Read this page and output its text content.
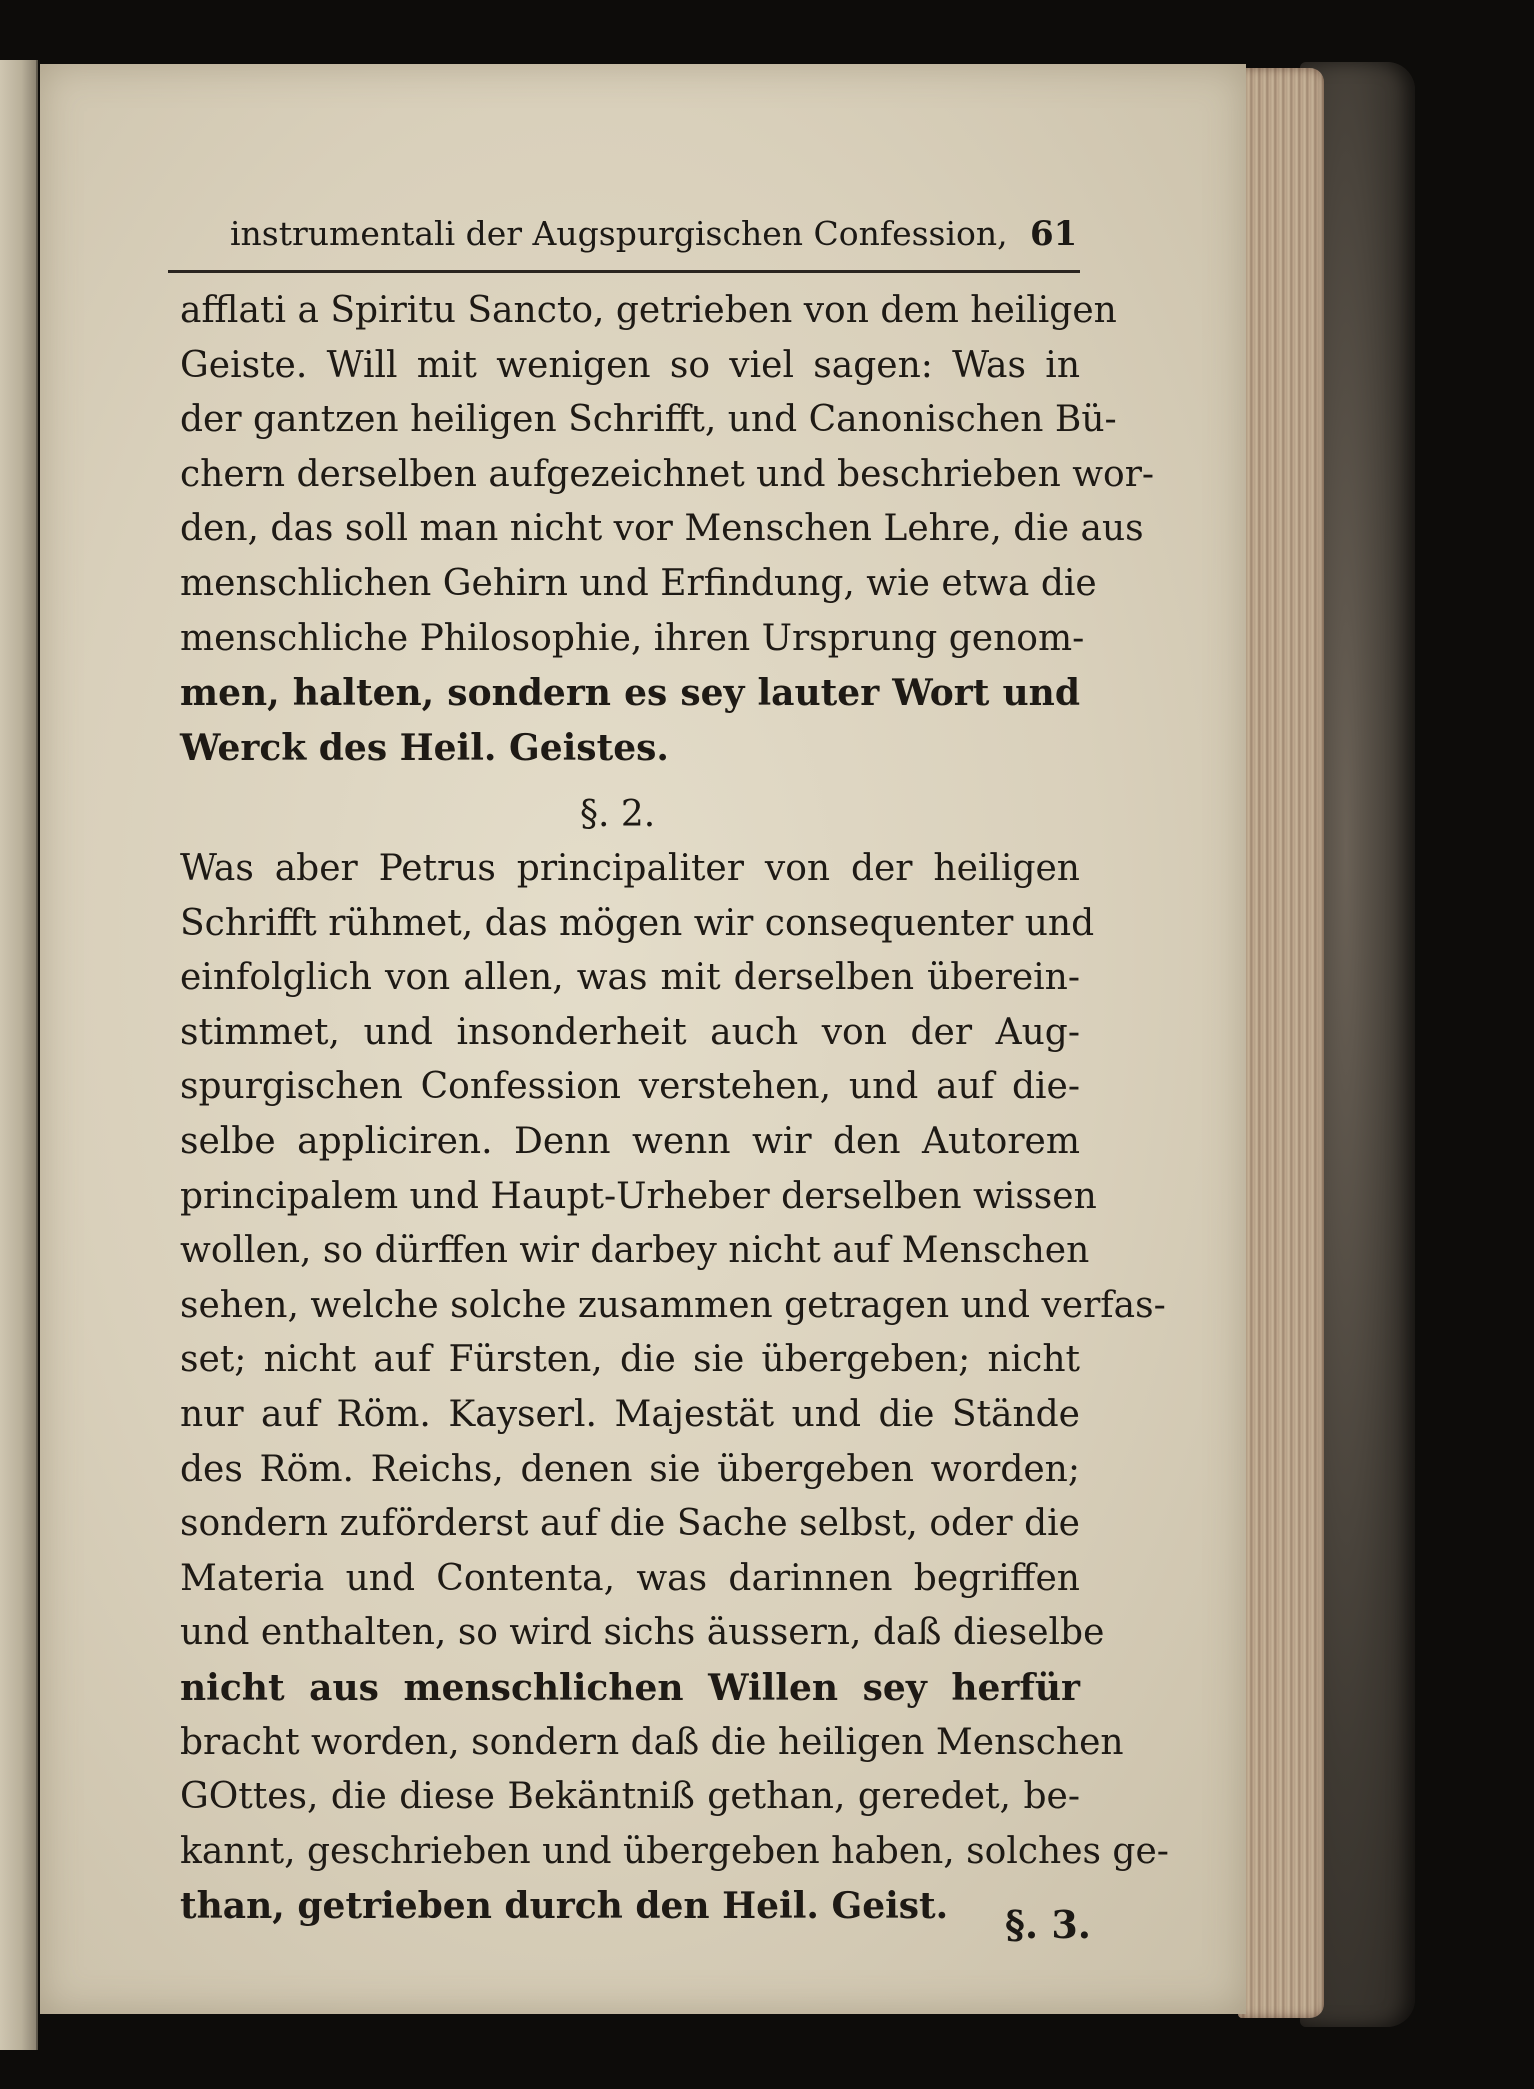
instrumentali der Augspurgischen Confession, 61
afflati a Spiritu Sancto, getrieben von dem heiligen
Geiste. Will mit wenigen so viel sagen: Was in
der gantzen heiligen Schrifft, und Canonischen Bü-
chern derselben aufgezeichnet und beschrieben wor-
den, das soll man nicht vor Menschen Lehre, die aus
menschlichen Gehirn und Erfindung, wie etwa die
menschliche Philosophie, ihren Ursprung genom-
men, halten, sondern es sey lauter Wort und
Werck des Heil. Geistes.
§. 2.
Was aber Petrus principaliter von der heiligen
Schrifft rühmet, das mögen wir consequenter und
einfolglich von allen, was mit derselben überein-
stimmet, und insonderheit auch von der Aug-
spurgischen Confession verstehen, und auf die-
selbe appliciren. Denn wenn wir den Autorem
principalem und Haupt-Urheber derselben wissen
wollen, so dürffen wir darbey nicht auf Menschen
sehen, welche solche zusammen getragen und verfas-
set; nicht auf Fürsten, die sie übergeben; nicht
nur auf Röm. Kayserl. Majestät und die Stände
des Röm. Reichs, denen sie übergeben worden;
sondern zuförderst auf die Sache selbst, oder die
Materia und Contenta, was darinnen begriffen
und enthalten, so wird sichs äussern, daß dieselbe
nicht aus menschlichen Willen sey herfür
bracht worden, sondern daß die heiligen Menschen
GOttes, die diese Bekäntniß gethan, geredet, be-
kannt, geschrieben und übergeben haben, solches ge-
than, getrieben durch den Heil. Geist.	§. 3.
